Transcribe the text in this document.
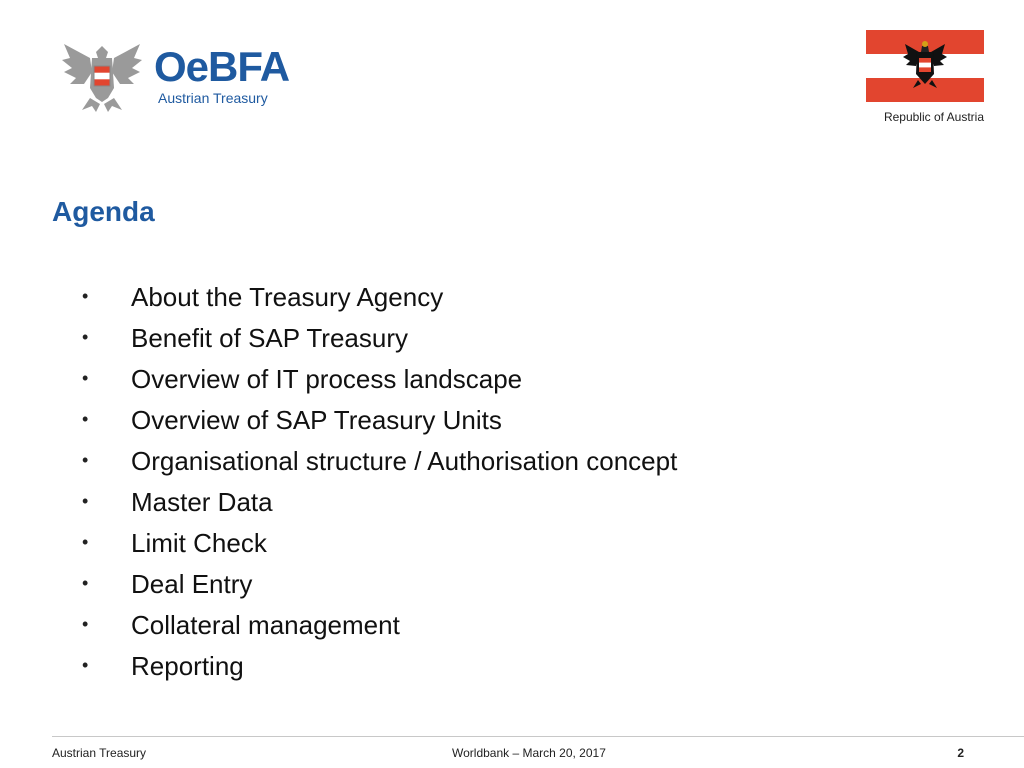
OeBFA
Austrian Treasury
Republic of Austria
Agenda
•	About the Treasury Agency
•	Benefit of SAP Treasury
•	Overview of IT process landscape
•	Overview of SAP Treasury Units
•	Organisational structure / Authorisation concept
•	Master Data
•	Limit Check
•	Deal Entry
•	Collateral management
•	Reporting
Austrian Treasury	Worldbank – March 20, 2017	2
